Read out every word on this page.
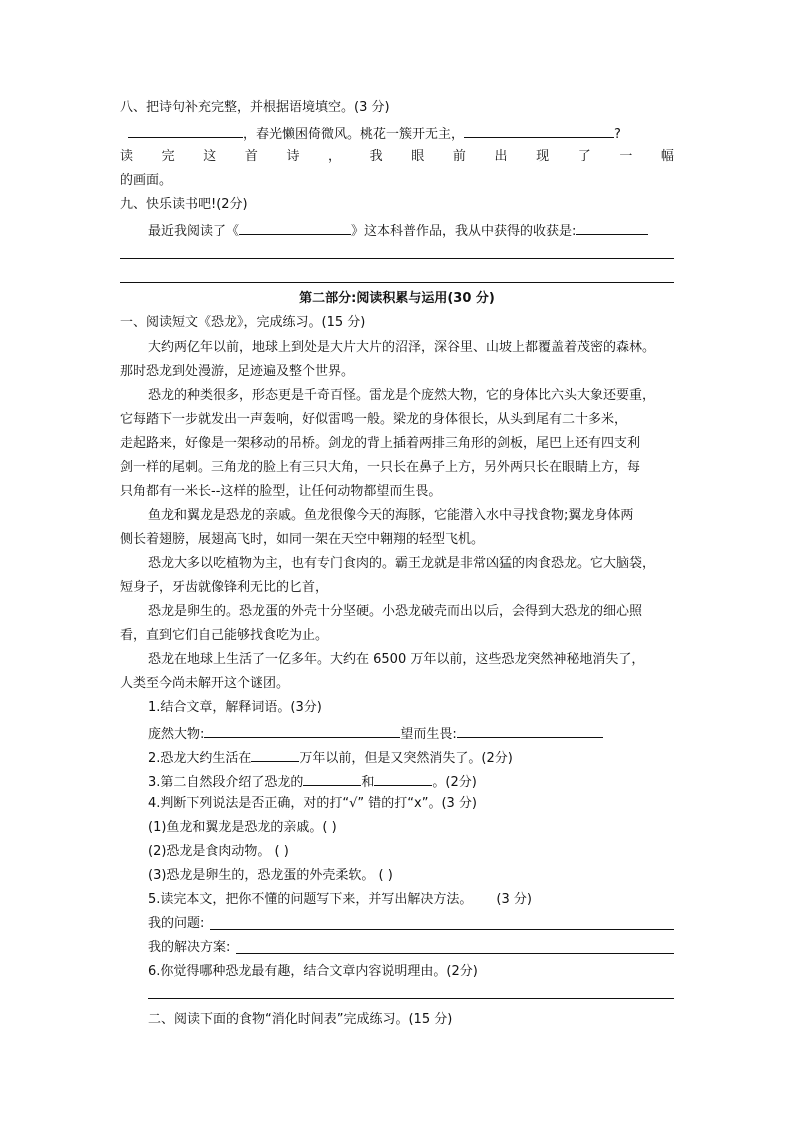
八、把诗句补充完整，并根据语境填空。(3 分)
，春光懒困倚微风。桃花一簇开无主，	?
读 完 这 首 诗 ， 我 眼 前 出 现 了 一 幅
的画面。
九、快乐读书吧!(2分)
最近我阅读了《	》这本科普作品，我从中获得的收获是:
第二部分:阅读积累与运用(30 分)
一、阅读短文《恐龙》，完成练习。(15 分)
大约两亿年以前，地球上到处是大片大片的沼泽，深谷里、山坡上都覆盖着茂密的森林。
那时恐龙到处漫游，足迹遍及整个世界。
恐龙的种类很多，形态更是千奇百怪。雷龙是个庞然大物，它的身体比六头大象还要重，
它每踏下一步就发出一声轰响，好似雷鸣一般。梁龙的身体很长，从头到尾有二十多米，
走起路来，好像是一架移动的吊桥。剑龙的背上插着两排三角形的剑板，尾巴上还有四支利
剑一样的尾刺。三角龙的脸上有三只大角，一只长在鼻子上方，另外两只长在眼睛上方，每
只角都有一米长--这样的脸型，让任何动物都望而生畏。
鱼龙和翼龙是恐龙的亲戚。鱼龙很像今天的海豚，它能潜入水中寻找食物;翼龙身体两
侧长着翅膀，展翅高飞时，如同一架在天空中翱翔的轻型飞机。
恐龙大多以吃植物为主，也有专门食肉的。霸王龙就是非常凶猛的肉食恐龙。它大脑袋，
短身子，牙齿就像锋利无比的匕首，
恐龙是卵生的。恐龙蛋的外壳十分坚硬。小恐龙破壳而出以后，会得到大恐龙的细心照
看，直到它们自己能够找食吃为止。
恐龙在地球上生活了一亿多年。大约在 6500 万年以前，这些恐龙突然神秘地消失了，
人类至今尚未解开这个谜团。
1.结合文章，解释词语。(3分)
庞然大物:	望而生畏:
2.恐龙大约生活在	万年以前，但是又突然消失了。(2分)
3.第二自然段介绍了恐龙的	和	。(2分)
4.判断下列说法是否正确，对的打“√” 错的打“x”。(3 分)
(1)鱼龙和翼龙是恐龙的亲戚。( )
(2)恐龙是食肉动物。 ( )
(3)恐龙是卵生的，恐龙蛋的外壳柔软。 ( )
5.读完本文，把你不懂的问题写下来，并写出解决方法。 (3 分)
我的问题:
我的解决方案:
6.你觉得哪种恐龙最有趣，结合文章内容说明理由。(2分)
二、阅读下面的食物“消化时间表”完成练习。(15 分)
